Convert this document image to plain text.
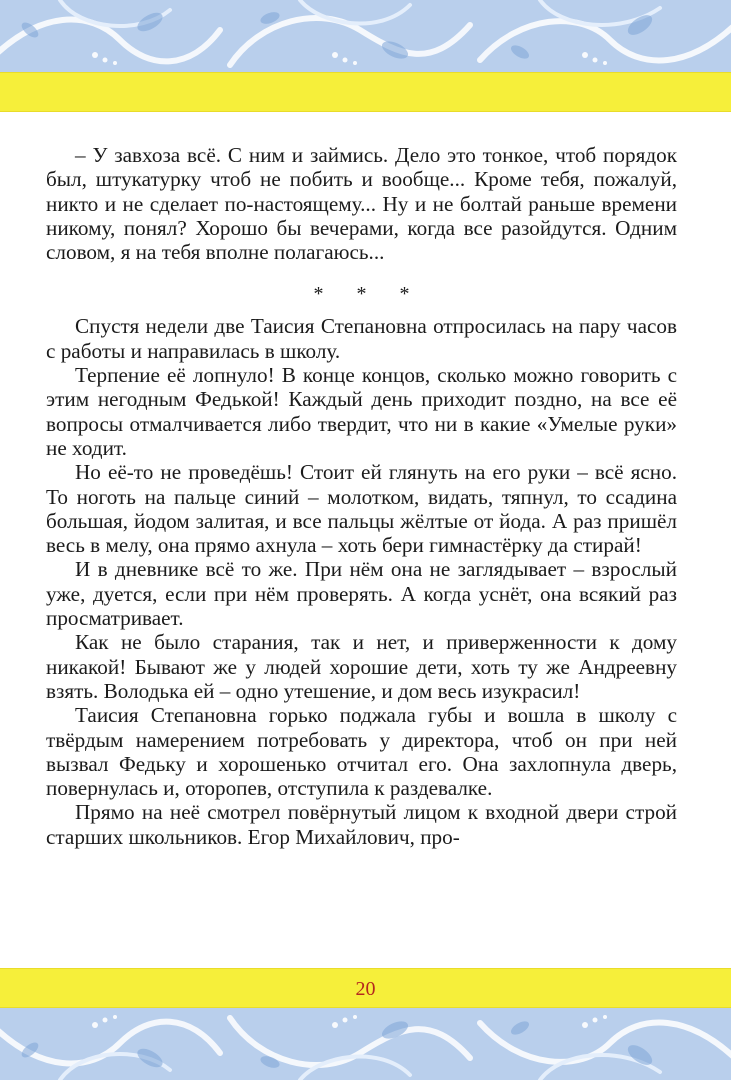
– У завхоза всё. С ним и займись. Дело это тонкое, чтоб порядок был, штукатурку чтоб не побить и вообще... Кроме тебя, пожалуй, никто и не сделает по-настоящему... Ну и не болтай раньше времени никому, понял? Хорошо бы вечерами, когда все разойдутся. Одним словом, я на тебя вполне полагаюсь...

* * *

Спустя недели две Таисия Степановна отпросилась на пару часов с работы и направилась в школу.

Терпение её лопнуло! В конце концов, сколько можно говорить с этим негодным Федькой! Каждый день приходит поздно, на все её вопросы отмалчивается либо твердит, что ни в какие «Умелые руки» не ходит.

Но её-то не проведёшь! Стоит ей глянуть на его руки – всё ясно. То ноготь на пальце синий – молотком, видать, тяпнул, то ссадина большая, йодом залитая, и все пальцы жёлтые от йода. А раз пришёл весь в мелу, она прямо ахнула – хоть бери гимнастёрку да стирай!

И в дневнике всё то же. При нём она не заглядывает – взрослый уже, дуется, если при нём проверять. А когда уснёт, она всякий раз просматривает.

Как не было старания, так и нет, и приверженности к дому никакой! Бывают же у людей хорошие дети, хоть ту же Андреевну взять. Володька ей – одно утешение, и дом весь изукрасил!

Таисия Степановна горько поджала губы и вошла в школу с твёрдым намерением потребовать у директора, чтоб он при ней вызвал Федьку и хорошенько отчитал его. Она захлопнула дверь, повернулась и, оторопев, отступила к раздевалке.

Прямо на неё смотрел повёрнутый лицом к входной двери строй старших школьников. Егор Михайлович, про-

20
